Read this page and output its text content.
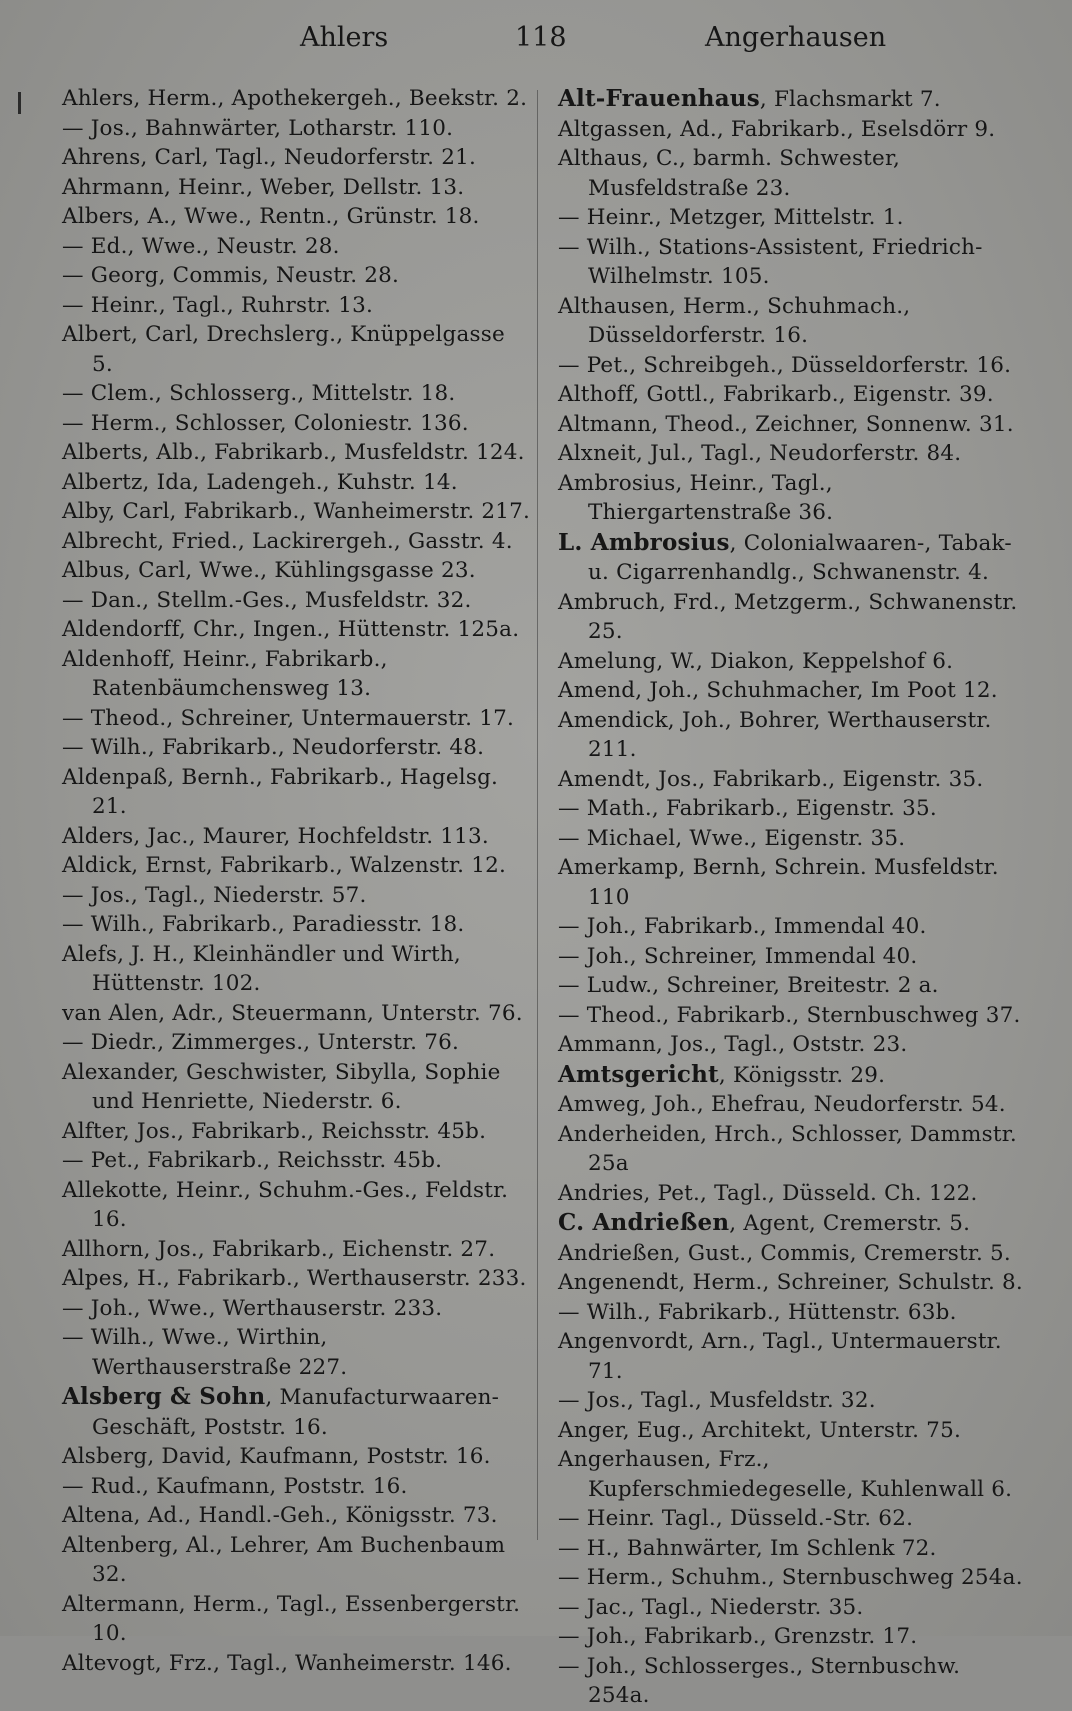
Ahlers	118	Angerhausen
Ahlers, Herm., Apothekergeh., Beekstr. 2.
— Jos., Bahnwärter, Lotharstr. 110.
Ahrens, Carl, Tagl., Neudorferstr. 21.
Ahrmann, Heinr., Weber, Dellstr. 13.
Albers, A., Wwe., Rentn., Grünstr. 18.
— Ed., Wwe., Neustr. 28.
— Georg, Commis, Neustr. 28.
— Heinr., Tagl., Ruhrstr. 13.
Albert, Carl, Drechslerg., Knüppelgasse 5.
— Clem., Schlosserg., Mittelstr. 18.
— Herm., Schlosser, Coloniestr. 136.
Alberts, Alb., Fabrikarb., Musfeldstr. 124.
Albertz, Ida, Ladengeh., Kuhstr. 14.
Alby, Carl, Fabrikarb., Wanheimerstr. 217.
Albrecht, Fried., Lackirergeh., Gasstr. 4.
Albus, Carl, Wwe., Kühlingsgasse 23.
— Dan., Stellm.-Ges., Musfeldstr. 32.
Aldendorff, Chr., Ingen., Hüttenstr. 125a.
Aldenhoff, Heinr., Fabrikarb., Ratenbäumchensweg 13.
— Theod., Schreiner, Untermauerstr. 17.
— Wilh., Fabrikarb., Neudorferstr. 48.
Aldenpaß, Bernh., Fabrikarb., Hagelsg. 21.
Alders, Jac., Maurer, Hochfeldstr. 113.
Aldick, Ernst, Fabrikarb., Walzenstr. 12.
— Jos., Tagl., Niederstr. 57.
— Wilh., Fabrikarb., Paradiesstr. 18.
Alefs, J. H., Kleinhändler und Wirth, Hüttenstr. 102.
van Alen, Adr., Steuermann, Unterstr. 76.
— Diedr., Zimmerges., Unterstr. 76.
Alexander, Geschwister, Sibylla, Sophie und Henriette, Niederstr. 6.
Alfter, Jos., Fabrikarb., Reichsstr. 45b.
— Pet., Fabrikarb., Reichsstr. 45b.
Allekotte, Heinr., Schuhm.-Ges., Feldstr. 16.
Allhorn, Jos., Fabrikarb., Eichenstr. 27.
Alpes, H., Fabrikarb., Werthauserstr. 233.
— Joh., Wwe., Werthauserstr. 233.
— Wilh., Wwe., Wirthin, Werthauserstraße 227.
Alsberg & Sohn, Manufacturwaaren-Geschäft, Poststr. 16.
Alsberg, David, Kaufmann, Poststr. 16.
— Rud., Kaufmann, Poststr. 16.
Altena, Ad., Handl.-Geh., Königsstr. 73.
Altenberg, Al., Lehrer, Am Buchenbaum 32.
Altermann, Herm., Tagl., Essenbergerstr. 10.
Altevogt, Frz., Tagl., Wanheimerstr. 146.
Alt-Frauenhaus, Flachsmarkt 7.
Altgassen, Ad., Fabrikarb., Eselsdörr 9.
Althaus, C., barmh. Schwester, Musfeldstraße 23.
— Heinr., Metzger, Mittelstr. 1.
— Wilh., Stations-Assistent, Friedrich-Wilhelmstr. 105.
Althausen, Herm., Schuhmach., Düsseldorferstr. 16.
— Pet., Schreibgeh., Düsseldorferstr. 16.
Althoff, Gottl., Fabrikarb., Eigenstr. 39.
Altmann, Theod., Zeichner, Sonnenw. 31.
Alxneit, Jul., Tagl., Neudorferstr. 84.
Ambrosius, Heinr., Tagl., Thiergartenstraße 36.
L. Ambrosius, Colonialwaaren-, Tabak- u. Cigarrenhandlg., Schwanenstr. 4.
Ambruch, Frd., Metzgerm., Schwanenstr. 25.
Amelung, W., Diakon, Keppelshof 6.
Amend, Joh., Schuhmacher, Im Poot 12.
Amendick, Joh., Bohrer, Werthauserstr. 211.
Amendt, Jos., Fabrikarb., Eigenstr. 35.
— Math., Fabrikarb., Eigenstr. 35.
— Michael, Wwe., Eigenstr. 35.
Amerkamp, Bernh, Schrein. Musfeldstr. 110
— Joh., Fabrikarb., Immendal 40.
— Joh., Schreiner, Immendal 40.
— Ludw., Schreiner, Breitestr. 2 a.
— Theod., Fabrikarb., Sternbuschweg 37.
Ammann, Jos., Tagl., Oststr. 23.
Amtsgericht, Königsstr. 29.
Amweg, Joh., Ehefrau, Neudorferstr. 54.
Anderheiden, Hrch., Schlosser, Dammstr. 25a
Andries, Pet., Tagl., Düsseld. Ch. 122.
C. Andrießen, Agent, Cremerstr. 5.
Andrießen, Gust., Commis, Cremerstr. 5.
Angenendt, Herm., Schreiner, Schulstr. 8.
— Wilh., Fabrikarb., Hüttenstr. 63b.
Angenvordt, Arn., Tagl., Untermauerstr. 71.
— Jos., Tagl., Musfeldstr. 32.
Anger, Eug., Architekt, Unterstr. 75.
Angerhausen, Frz., Kupferschmiedegeselle, Kuhlenwall 6.
— Heinr. Tagl., Düsseld.-Str. 62.
— H., Bahnwärter, Im Schlenk 72.
— Herm., Schuhm., Sternbuschweg 254a.
— Jac., Tagl., Niederstr. 35.
— Joh., Fabrikarb., Grenzstr. 17.
— Joh., Schlosserges., Sternbuschw. 254a.
